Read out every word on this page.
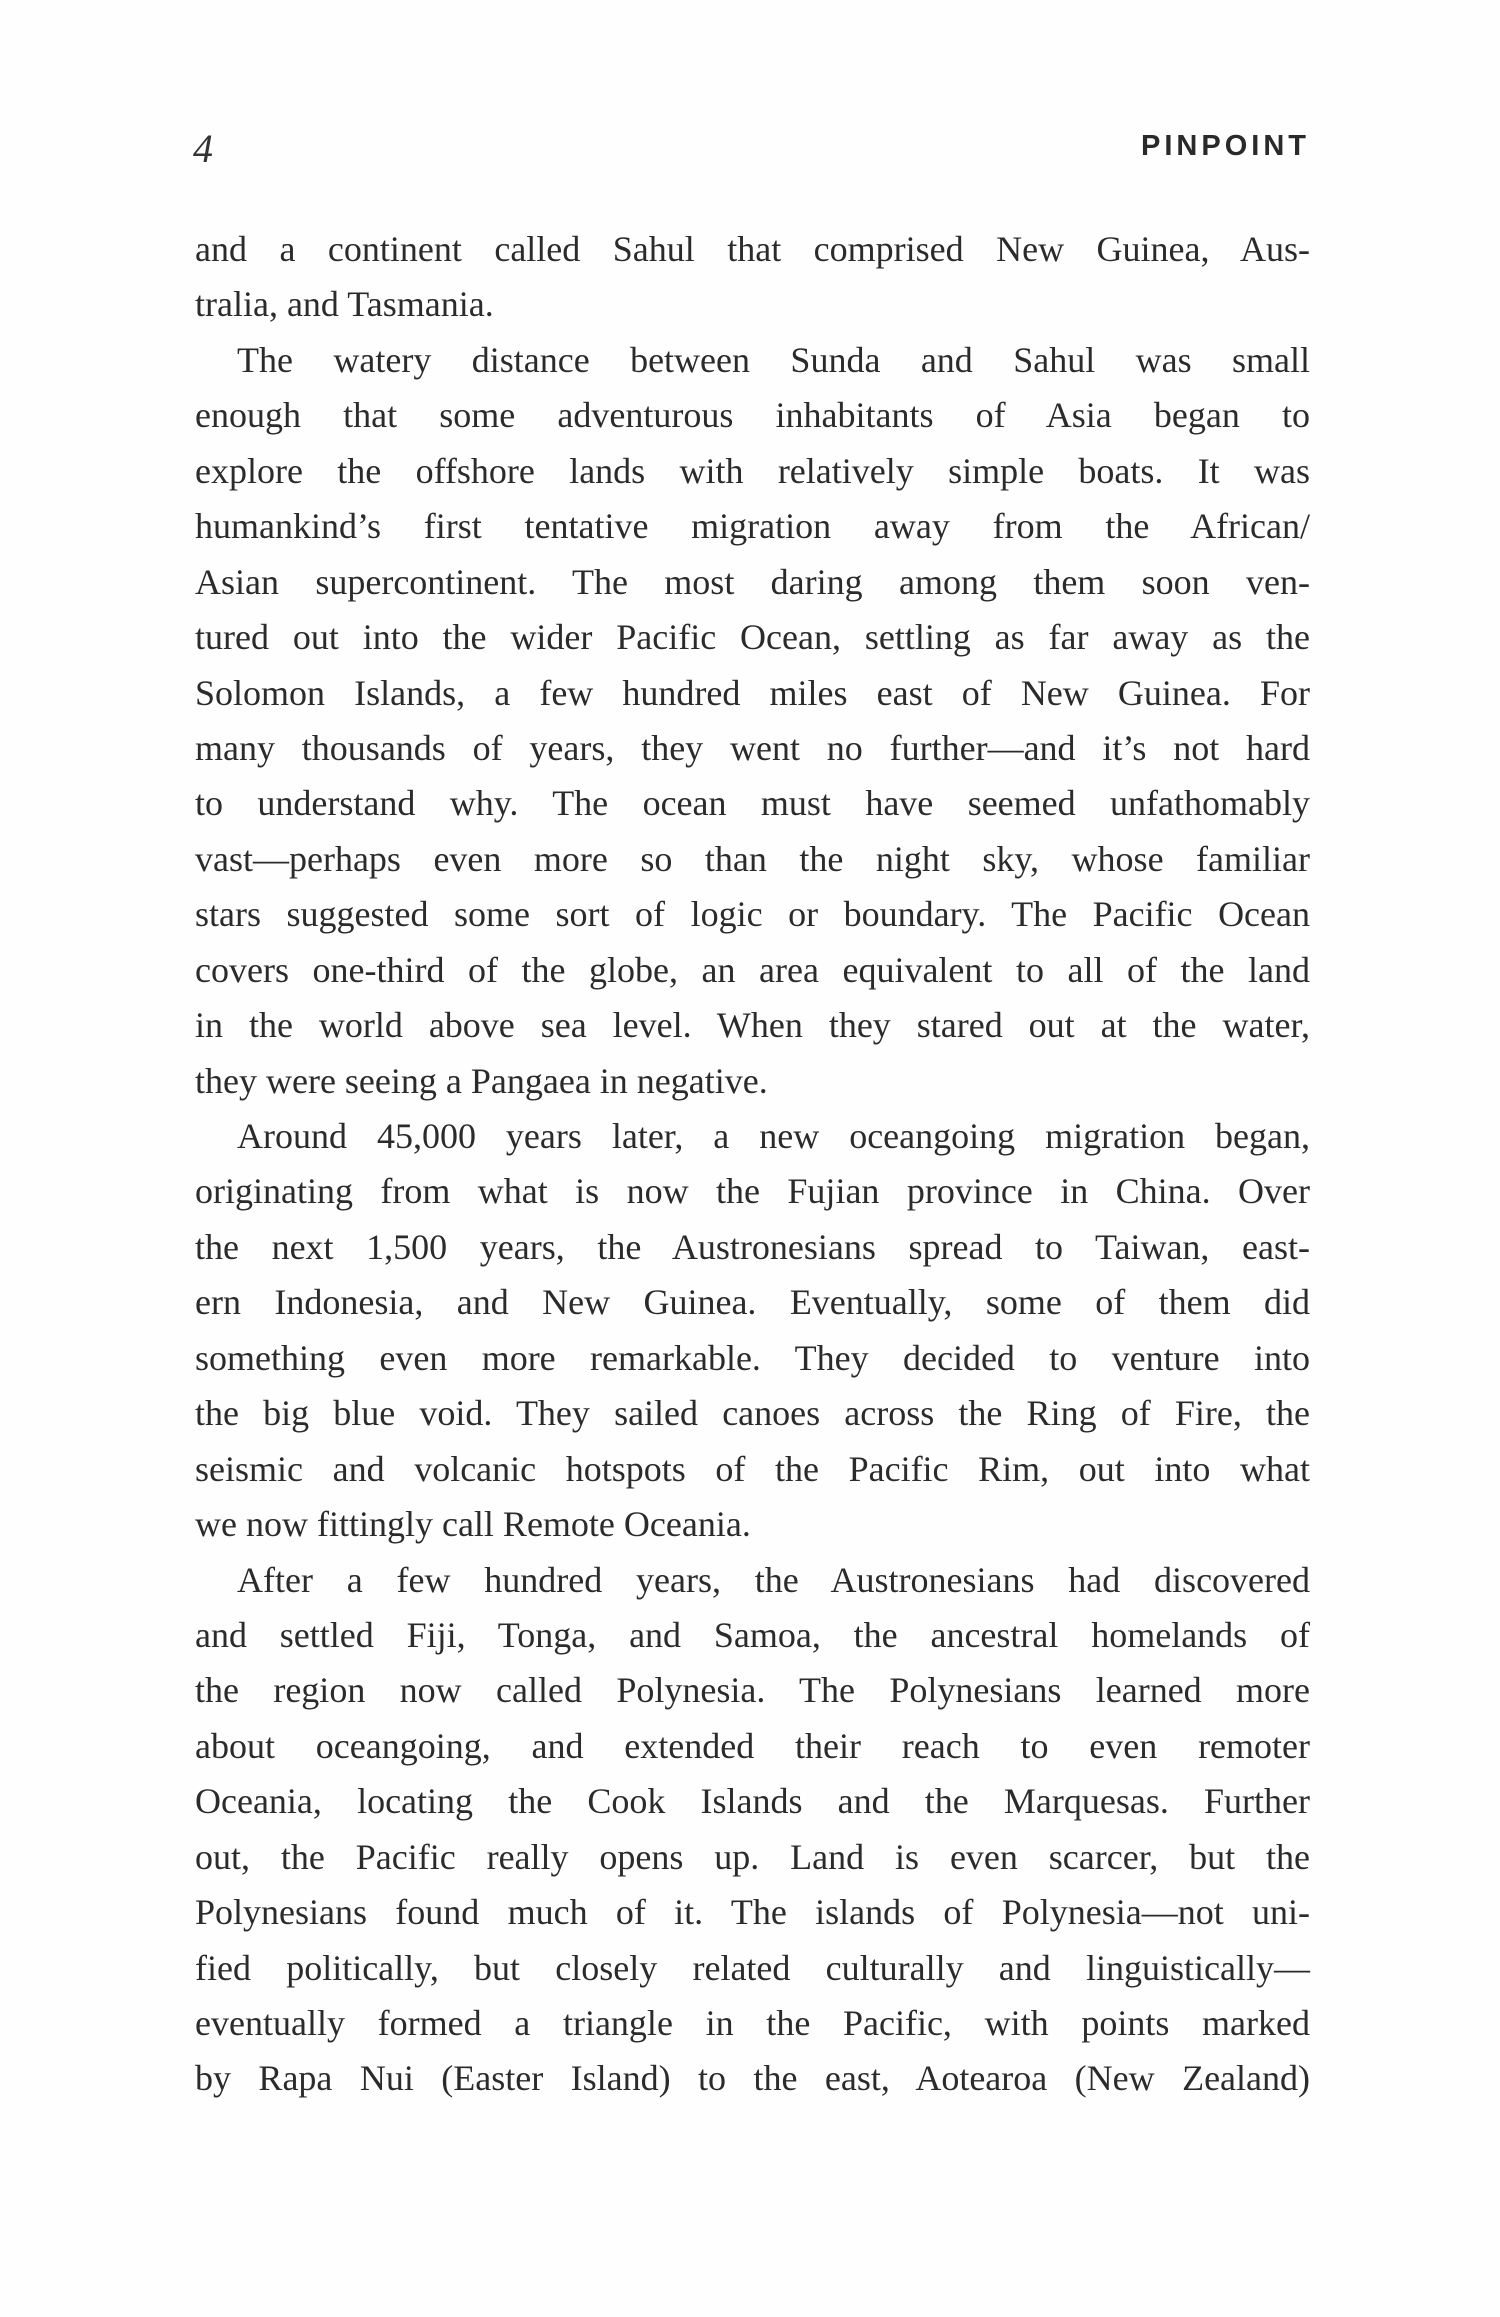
4	PINPOINT
and a continent called Sahul that comprised New Guinea, Aus-
tralia, and Tasmania.
The watery distance between Sunda and Sahul was small
enough that some adventurous inhabitants of Asia began to
explore the offshore lands with relatively simple boats. It was
humankind’s first tentative migration away from the African/
Asian supercontinent. The most daring among them soon ven-
tured out into the wider Pacific Ocean, settling as far away as the
Solomon Islands, a few hundred miles east of New Guinea. For
many thousands of years, they went no further—and it’s not hard
to understand why. The ocean must have seemed unfathomably
vast—perhaps even more so than the night sky, whose familiar
stars suggested some sort of logic or boundary. The Pacific Ocean
covers one-third of the globe, an area equivalent to all of the land
in the world above sea level. When they stared out at the water,
they were seeing a Pangaea in negative.
Around 45,000 years later, a new oceangoing migration began,
originating from what is now the Fujian province in China. Over
the next 1,500 years, the Austronesians spread to Taiwan, east-
ern Indonesia, and New Guinea. Eventually, some of them did
something even more remarkable. They decided to venture into
the big blue void. They sailed canoes across the Ring of Fire, the
seismic and volcanic hotspots of the Pacific Rim, out into what
we now fittingly call Remote Oceania.
After a few hundred years, the Austronesians had discovered
and settled Fiji, Tonga, and Samoa, the ancestral homelands of
the region now called Polynesia. The Polynesians learned more
about oceangoing, and extended their reach to even remoter
Oceania, locating the Cook Islands and the Marquesas. Further
out, the Pacific really opens up. Land is even scarcer, but the
Polynesians found much of it. The islands of Polynesia—not uni-
fied politically, but closely related culturally and linguistically—
eventually formed a triangle in the Pacific, with points marked
by Rapa Nui (Easter Island) to the east, Aotearoa (New Zealand)
